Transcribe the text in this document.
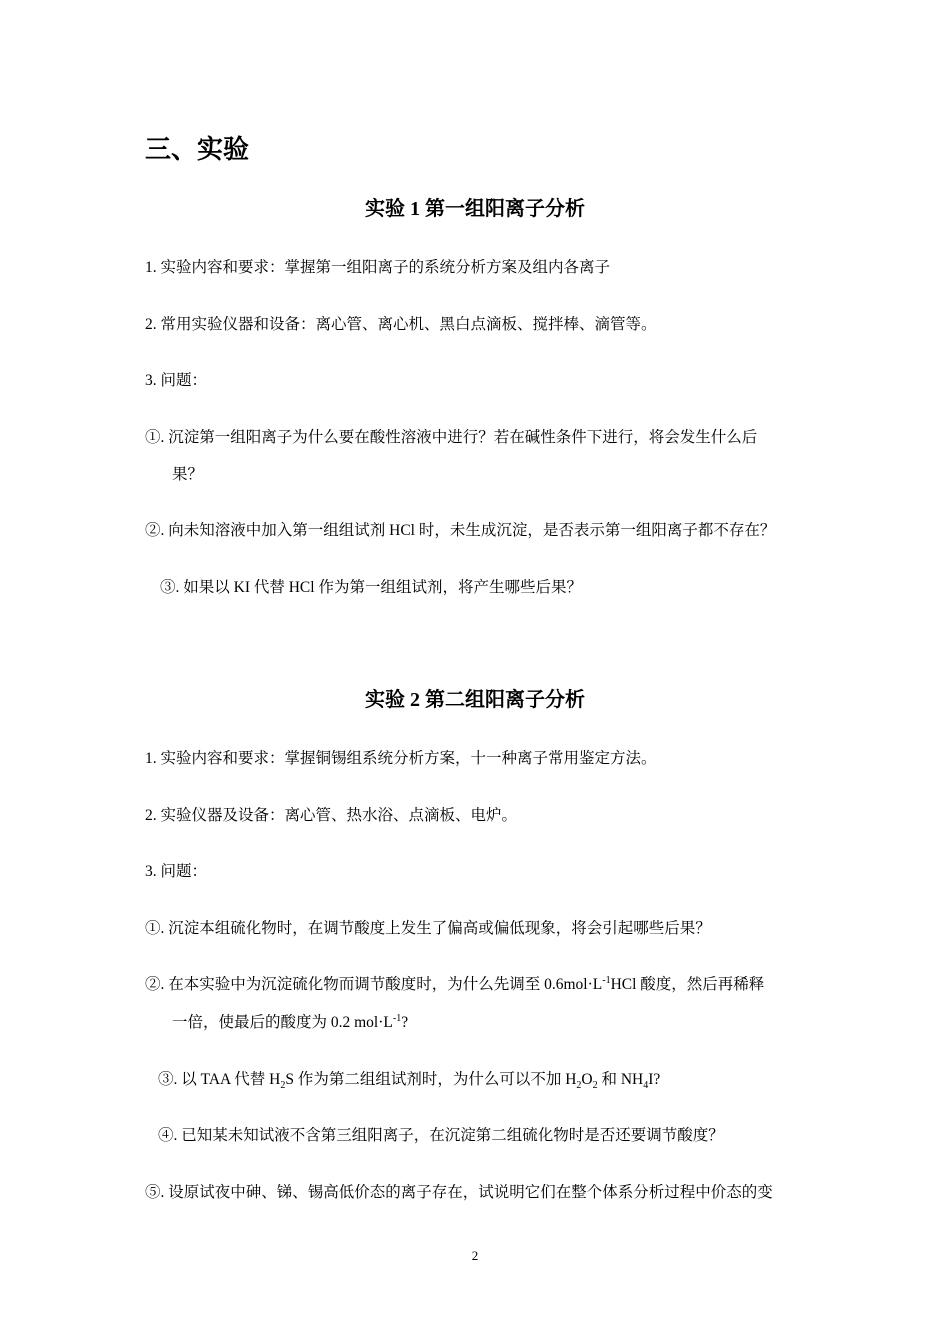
三、实验
实验 1 第一组阳离子分析
1. 实验内容和要求：掌握第一组阳离子的系统分析方案及组内各离子
2. 常用实验仪器和设备：离心管、离心机、黑白点滴板、搅拌棒、滴管等。
3. 问题：
①. 沉淀第一组阳离子为什么要在酸性溶液中进行？若在碱性条件下进行，将会发生什么后
果？
②. 向未知溶液中加入第一组组试剂 HCl 时，未生成沉淀，是否表示第一组阳离子都不存在？
③. 如果以 KI 代替 HCl 作为第一组组试剂，将产生哪些后果？
实验 2 第二组阳离子分析
1. 实验内容和要求：掌握铜锡组系统分析方案，十一种离子常用鉴定方法。
2. 实验仪器及设备：离心管、热水浴、点滴板、电炉。
3. 问题：
①. 沉淀本组硫化物时，在调节酸度上发生了偏高或偏低现象，将会引起哪些后果？
②. 在本实验中为沉淀硫化物而调节酸度时，为什么先调至 $0.6mol\cdot L^{-1}HCl$ 酸度，然后再稀释
一倍，使最后的酸度为 0.2 $mol\cdot L^{-1}$?
③. 以 TAA 代替 $H_2S$ 作为第二组组试剂时，为什么可以不加 $H_2O_2$ 和 $NH_4I$?
④. 已知某未知试液不含第三组阳离子，在沉淀第二组硫化物时是否还要调节酸度？
⑤. 设原试夜中砷、锑、锡高低价态的离子存在，试说明它们在整个体系分析过程中价态的变
2
